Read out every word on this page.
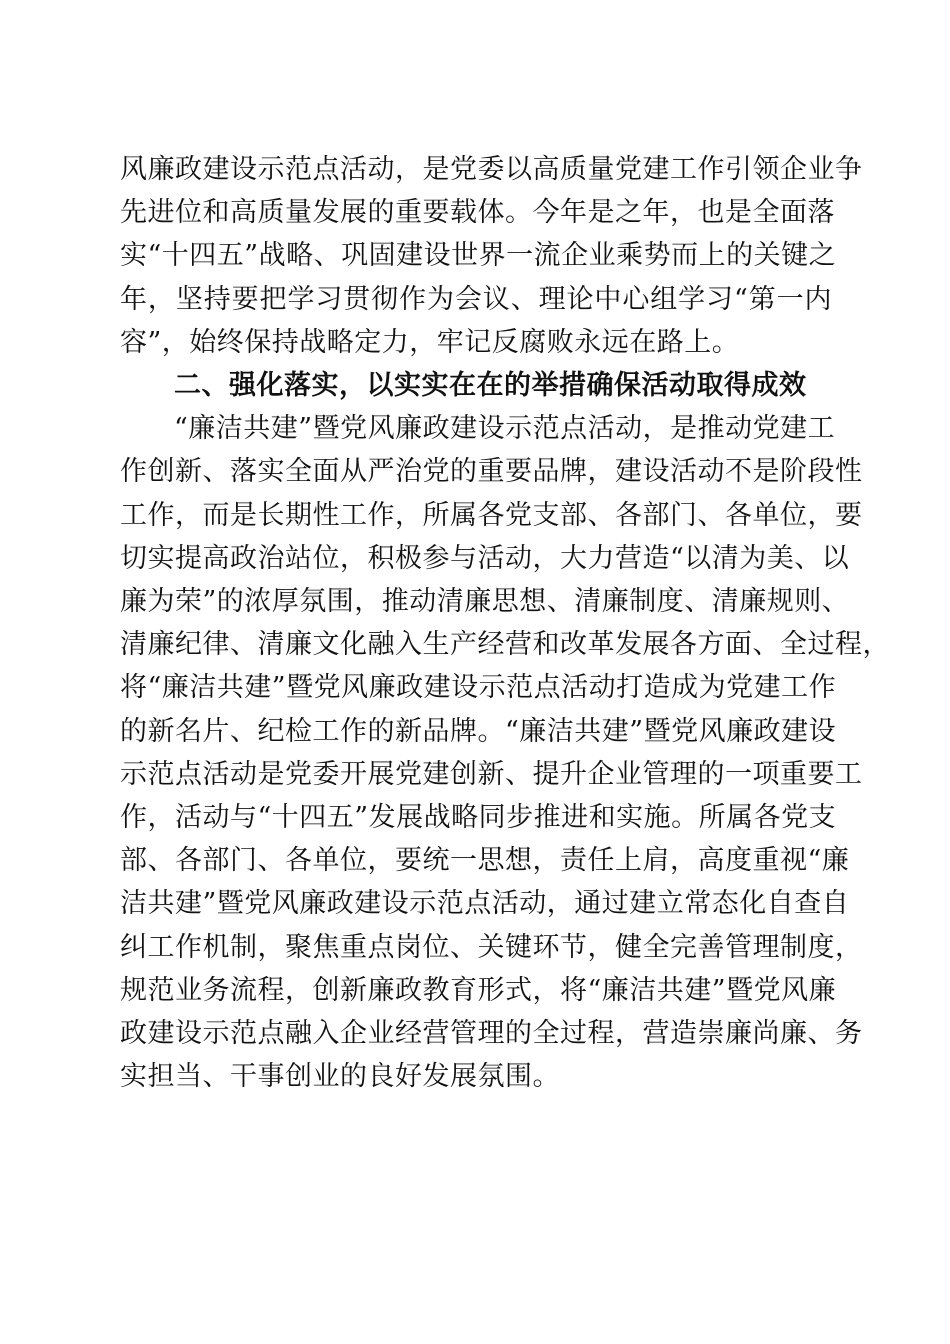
风廉政建设示范点活动，是党委以高质量党建工作引领企业争
先进位和高质量发展的重要载体。今年是之年，也是全面落
实“十四五”战略、巩固建设世界一流企业乘势而上的关键之
年，坚持要把学习贯彻作为会议、理论中心组学习“第一内
容”，始终保持战略定力，牢记反腐败永远在路上。
二、强化落实，以实实在在的举措确保活动取得成效
“廉洁共建”暨党风廉政建设示范点活动，是推动党建工
作创新、落实全面从严治党的重要品牌，建设活动不是阶段性
工作，而是长期性工作，所属各党支部、各部门、各单位，要
切实提高政治站位，积极参与活动，大力营造“以清为美、以
廉为荣”的浓厚氛围，推动清廉思想、清廉制度、清廉规则、
清廉纪律、清廉文化融入生产经营和改革发展各方面、全过程，
将“廉洁共建”暨党风廉政建设示范点活动打造成为党建工作
的新名片、纪检工作的新品牌。“廉洁共建”暨党风廉政建设
示范点活动是党委开展党建创新、提升企业管理的一项重要工
作，活动与“十四五”发展战略同步推进和实施。所属各党支
部、各部门、各单位，要统一思想，责任上肩，高度重视“廉
洁共建”暨党风廉政建设示范点活动，通过建立常态化自查自
纠工作机制，聚焦重点岗位、关键环节，健全完善管理制度，
规范业务流程，创新廉政教育形式，将“廉洁共建”暨党风廉
政建设示范点融入企业经营管理的全过程，营造崇廉尚廉、务
实担当、干事创业的良好发展氛围。
